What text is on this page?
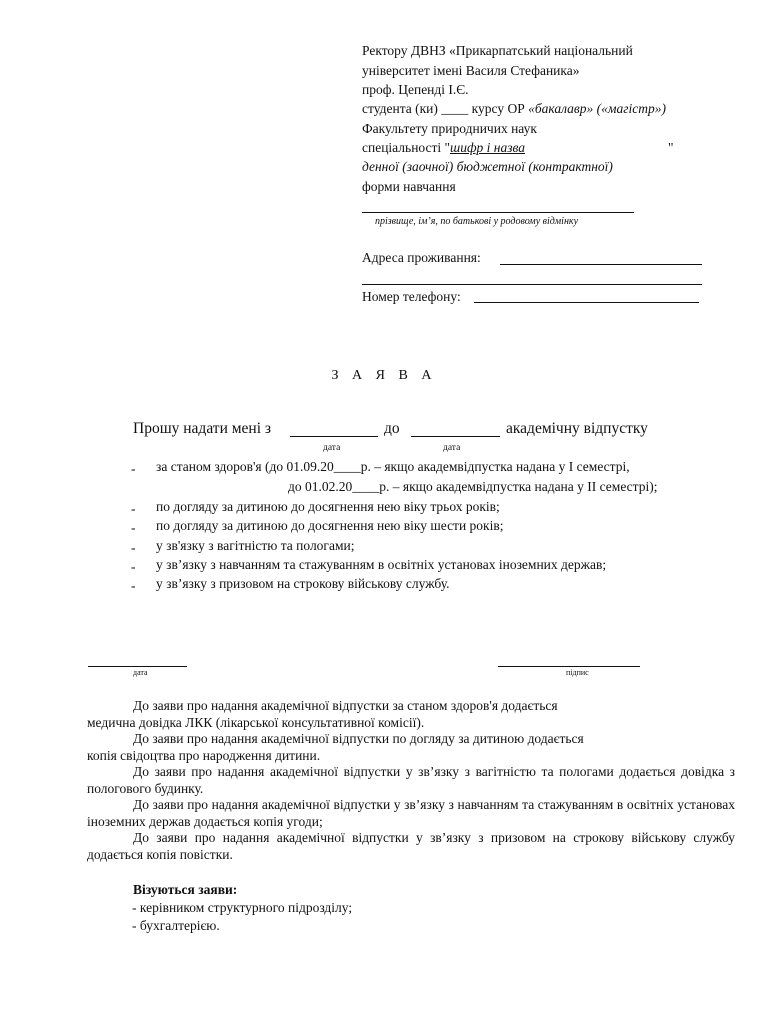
Ректору ДВНЗ «Прикарпатський національний
університет імені Василя Стефаника»
проф. Цепенді І.Є.
студента (ки) ____ курсу ОР «бакалавр» («магістр»)
Факультету природничих наук
спеціальності "шифр і назва	"
денної (заочної) бюджетної (контрактної)
форми навчання
прізвище, ім’я, по батькові у родовому відмінку
Адреса проживання:
Номер телефону:
З А Я В А
Прошу надати мені з	до	академічну відпустку
дата	дата
- за станом здоров'я (до 01.09.20____р. – якщо академвідпустка надана у I семестрі,
до 01.02.20____р. – якщо академвідпустка надана у II семестрі);
- по догляду за дитиною до досягнення нею віку трьох років;
- по догляду за дитиною до досягнення нею віку шести років;
- у зв'язку з вагітністю та пологами;
- у зв’язку з навчанням та стажуванням в освітніх установах іноземних держав;
- у зв’язку з призовом на строкову військову службу.
дата	підпис

До заяви про надання академічної відпустки за станом здоров'я додається

медична довідка ЛКК (лікарської консультативної комісії).

До заяви про надання академічної відпустки по догляду за дитиною додається

копія свідоцтва про народження дитини.

До заяви про надання академічної відпустки у зв’язку з вагітністю та пологами додається довідка з пологового будинку.

До заяви про надання академічної відпустки у зв’язку з навчанням та стажуванням в освітніх установах іноземних держав додається копія угоди;

До заяви про надання академічної відпустки у зв’язку з призовом на строкову військову службу додається копія повістки.

Візуються заяви:
- керівником структурного підрозділу;
- бухгалтерією.
